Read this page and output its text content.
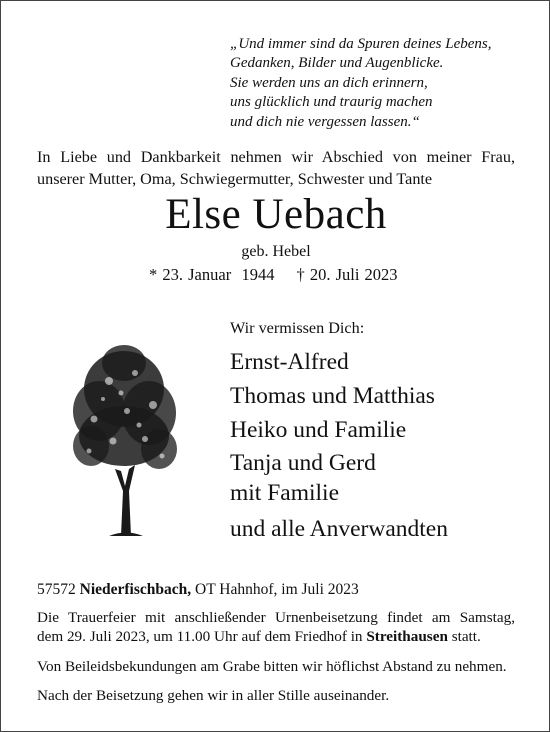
„Und immer sind da Spuren deines Lebens,
Gedanken, Bilder und Augenblicke.
Sie werden uns an dich erinnern,
uns glücklich und traurig machen
und dich nie vergessen lassen.“
In Liebe und Dankbarkeit nehmen wir Abschied von meiner Frau,
unserer Mutter, Oma, Schwiegermutter, Schwester und Tante
Else Uebach
geb. Hebel
* 23. Januar  1944 † 20. Juli 2023
Wir vermissen Dich:
Ernst-Alfred
Thomas und Matthias
Heiko und Familie
Tanja und Gerd
mit Familie
und alle Anverwandten
57572 Niederfischbach, OT Hahnhof, im Juli 2023

Die Trauerfeier mit anschließender Urnenbeisetzung findet am Samstag,
dem 29. Juli 2023, um 11.00 Uhr auf dem Friedhof in Streithausen statt.

Von Beileidsbekundungen am Grabe bitten wir höflichst Abstand zu nehmen.

Nach der Beisetzung gehen wir in aller Stille auseinander.
